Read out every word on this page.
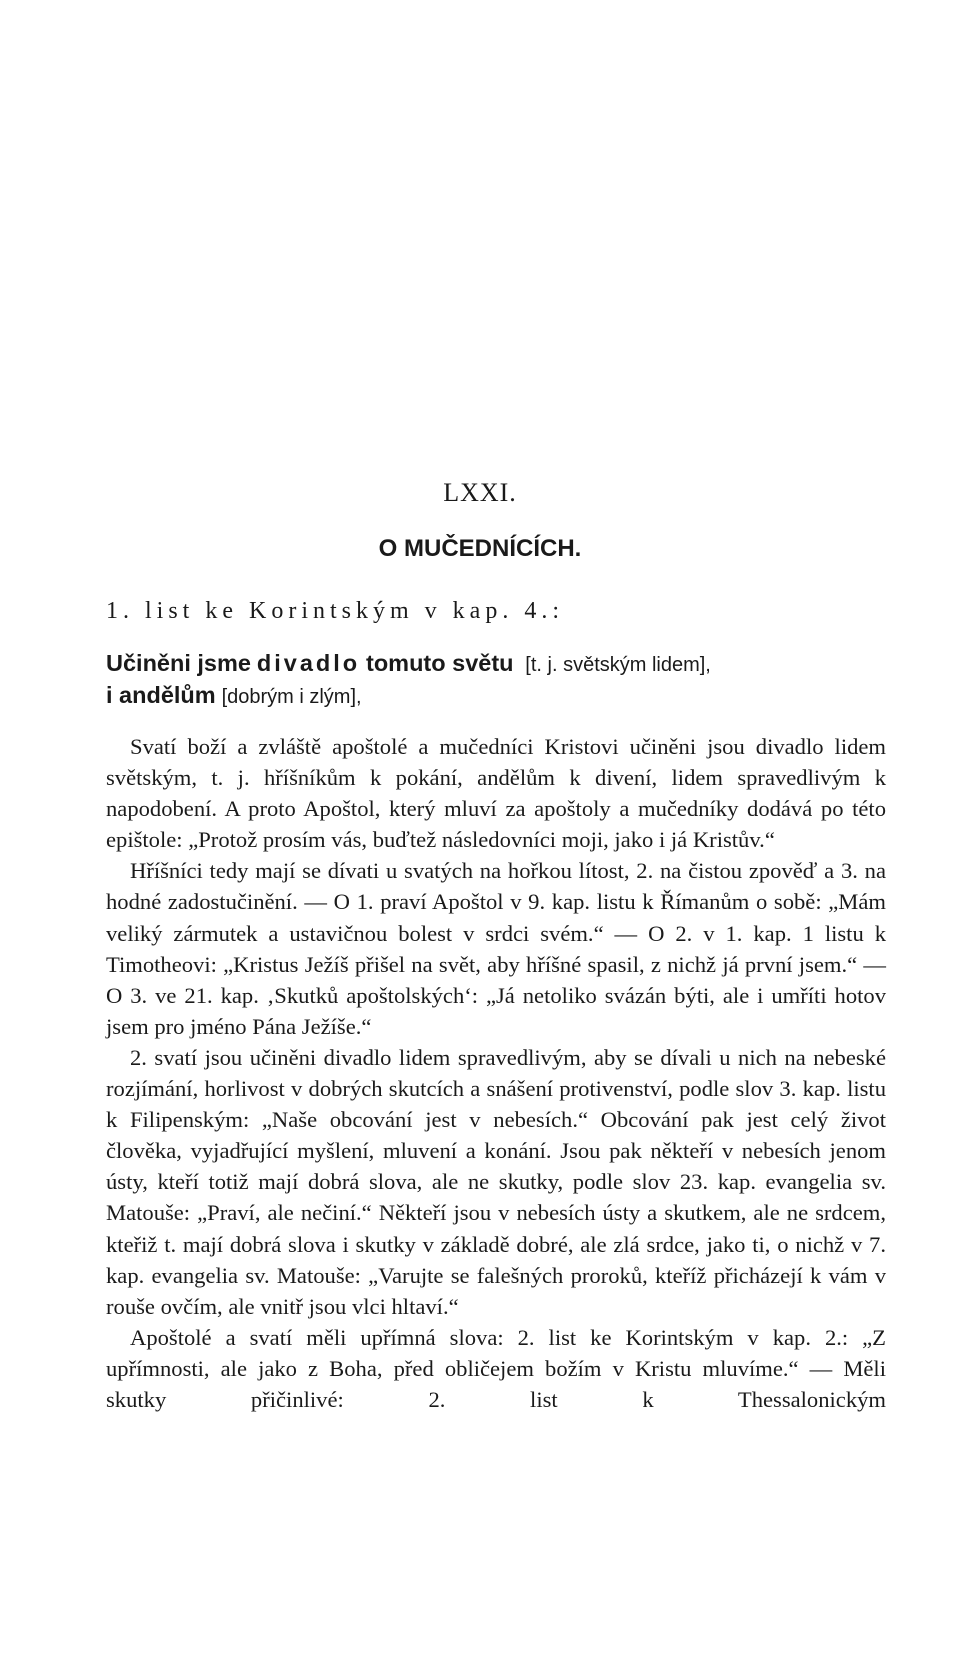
LXXI.
O MUČEDNÍCÍCH.
1. list ke Korintským v kap. 4.:
Učiněni jsme divadlo tomuto světu [t. j. světským lidem],
i andělům [dobrým i zlým],

Svatí boží a zvláště apoštolé a mučedníci Kristovi učiněni jsou divadlo lidem světským, t. j. hříšníkům k pokání, andělům k divení, lidem spravedlivým k napodobení. A proto Apoštol, který mluví za apoštoly a mučedníky dodává po této epištole: „Protož prosím vás, buďtež následovníci moji, jako i já Kristův.“

Hříšníci tedy mají se dívati u svatých na hořkou lítost, 2. na čistou zpověď a 3. na hodné zadostučinění. — O 1. praví Apoštol v 9. kap. listu k Římanům o sobě: „Mám veliký zármutek a ustavičnou bolest v srdci svém.“ — O 2. v 1. kap. 1 listu k Timotheovi: „Kristus Ježíš přišel na svět, aby hříšné spasil, z nichž já první jsem.“ — O 3. ve 21. kap. ‚Skutků apoštolských‘: „Já netoliko svázán býti, ale i umříti hotov jsem pro jméno Pána Ježíše.“

2. svatí jsou učiněni divadlo lidem spravedlivým, aby se dívali u nich na nebeské rozjímání, horlivost v dobrých skutcích a snášení protivenství, podle slov 3. kap. listu k Filipenským: „Naše obcování jest v nebesích.“ Obcování pak jest celý život člověka, vyjadřující myšlení, mluvení a konání. Jsou pak někteří v nebesích jenom ústy, kteří totiž mají dobrá slova, ale ne skutky, podle slov 23. kap. evangelia sv. Matouše: „Praví, ale nečiní.“ Někteří jsou v nebesích ústy a skutkem, ale ne srdcem, kteřiž t. mají dobrá slova i skutky v základě dobré, ale zlá srdce, jako ti, o nichž v 7. kap. evangelia sv. Matouše: „Varujte se falešných proroků, kteříž přicházejí k vám v rouše ovčím, ale vnitř jsou vlci hltaví.“

Apoštolé a svatí měli upřímná slova: 2. list ke Korintským v kap. 2.: „Z upřímnosti, ale jako z Boha, před obličejem božím v Kristu mluvíme.“ — Měli skutky přičinlivé: 2. list k Thessalonickým
